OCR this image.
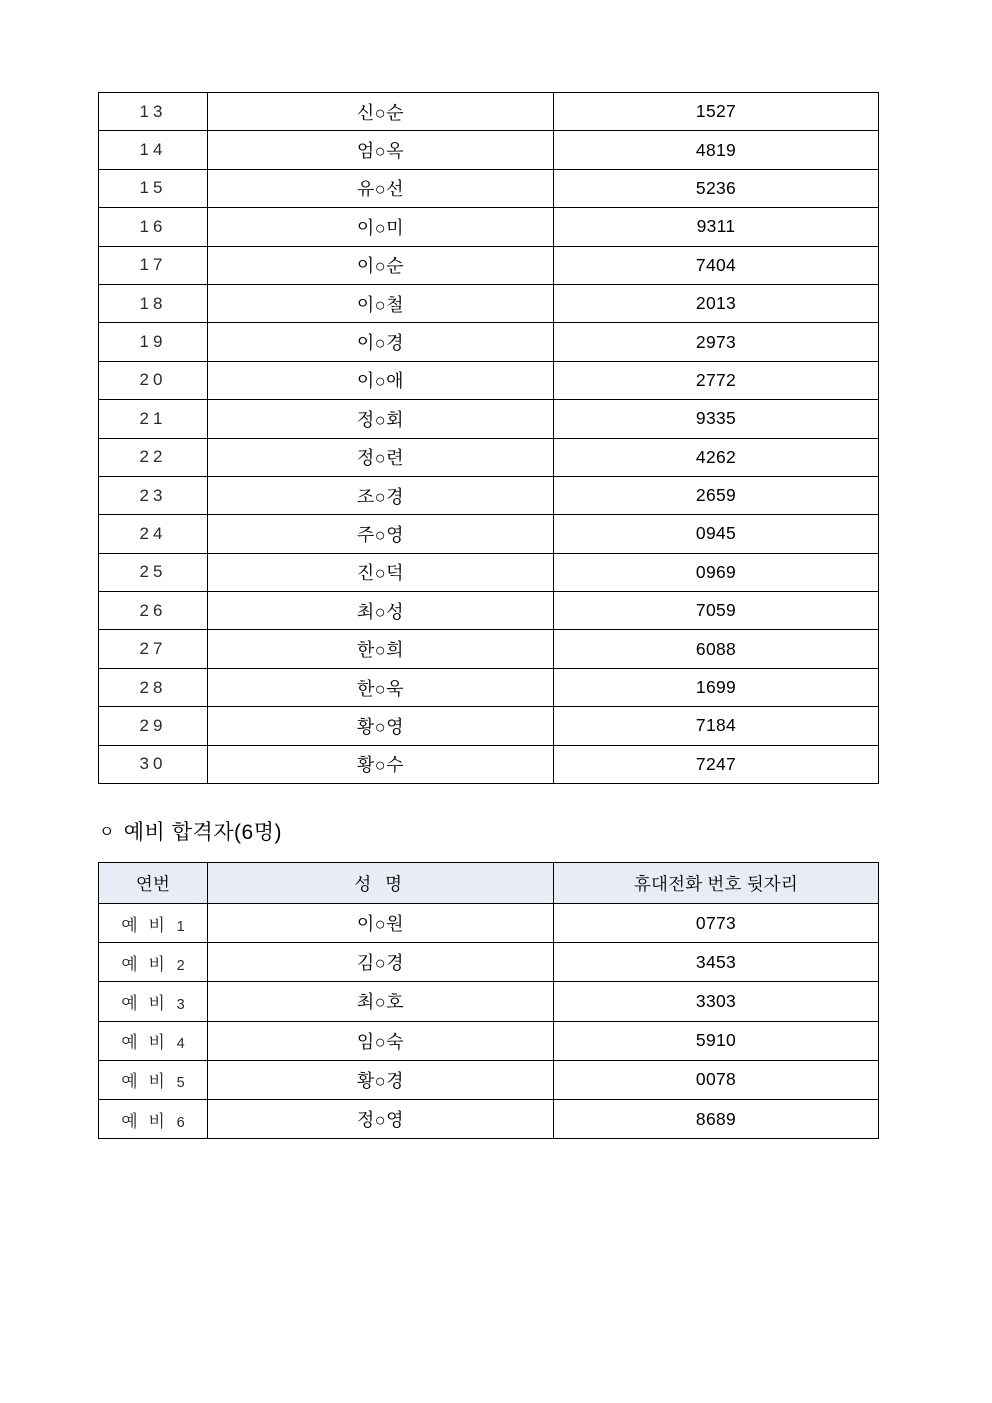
13	신○순	1527
14	엄○옥	4819
15	유○선	5236
16	이○미	9311
17	이○순	7404
18	이○철	2013
19	이○경	2973
20	이○애	2772
21	정○회	9335
22	정○련	4262
23	조○경	2659
24	주○영	0945
25	진○덕	0969
26	최○성	7059
27	한○희	6088
28	한○욱	1699
29	황○영	7184
30	황○수	7247
ㅇ 예비 합격자(6명)
연번	성 명	휴대전화 번호 뒷자리
예 비 1	이○원	0773
예 비 2	김○경	3453
예 비 3	최○호	3303
예 비 4	임○숙	5910
예 비 5	황○경	0078
예 비 6	정○영	8689
